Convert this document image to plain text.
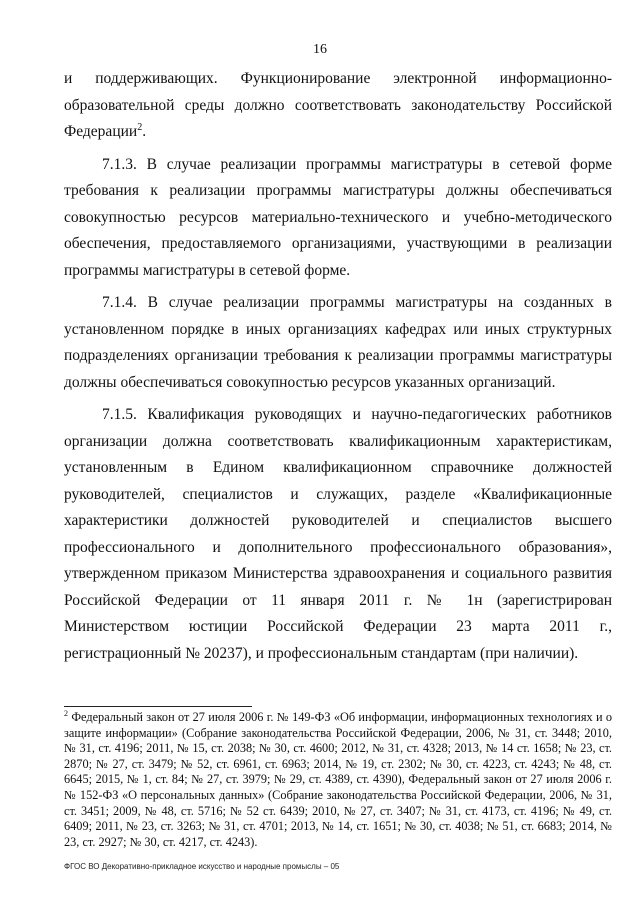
16

и поддерживающих. Функционирование электронной информационно-образовательной среды должно соответствовать законодательству Российской Федерации$^2$.

7.1.3. В случае реализации программы магистратуры в сетевой форме требования к реализации программы магистратуры должны обеспечиваться совокупностью ресурсов материально-технического и учебно-методического обеспечения, предоставляемого организациями, участвующими в реализации программы магистратуры в сетевой форме.

7.1.4. В случае реализации программы магистратуры на созданных в установленном порядке в иных организациях кафедрах или иных структурных подразделениях организации требования к реализации программы магистратуры должны обеспечиваться совокупностью ресурсов указанных организаций.

7.1.5. Квалификация руководящих и научно-педагогических работников организации должна соответствовать квалификационным характеристикам, установленным в Едином квалификационном справочнике должностей руководителей, специалистов и служащих, разделе «Квалификационные характеристики должностей руководителей и специалистов высшего профессионального и дополнительного профессионального образования», утвержденном приказом Министерства здравоохранения и социального развития Российской Федерации от 11 января 2011 г. № 1н (зарегистрирован Министерством юстиции Российской Федерации 23 марта 2011 г., регистрационный № 20237), и профессиональным стандартам (при наличии).

$^2$ Федеральный закон от 27 июля 2006 г. № 149-ФЗ «Об информации, информационных технологиях и о защите информации» (Собрание законодательства Российской Федерации, 2006, № 31, ст. 3448; 2010, № 31, ст. 4196; 2011, № 15, ст. 2038; № 30, ст. 4600; 2012, № 31, ст. 4328; 2013, № 14 ст. 1658; № 23, ст. 2870; № 27, ст. 3479; № 52, ст. 6961, ст. 6963; 2014, № 19, ст. 2302; № 30, ст. 4223, ст. 4243; № 48, ст. 6645; 2015, № 1, ст. 84; № 27, ст. 3979; № 29, ст. 4389, ст. 4390), Федеральный закон от 27 июля 2006 г. № 152-ФЗ «О персональных данных» (Собрание законодательства Российской Федерации, 2006, № 31, ст. 3451; 2009, № 48, ст. 5716; № 52 ст. 6439; 2010, № 27, ст. 3407; № 31, ст. 4173, ст. 4196; № 49, ст. 6409; 2011, № 23, ст. 3263; № 31, ст. 4701; 2013, № 14, ст. 1651; № 30, ст. 4038; № 51, ст. 6683; 2014, № 23, ст. 2927; № 30, ст. 4217, ст. 4243).
ФГОС ВО Декоративно-прикладное искусство и народные промыслы – 05
